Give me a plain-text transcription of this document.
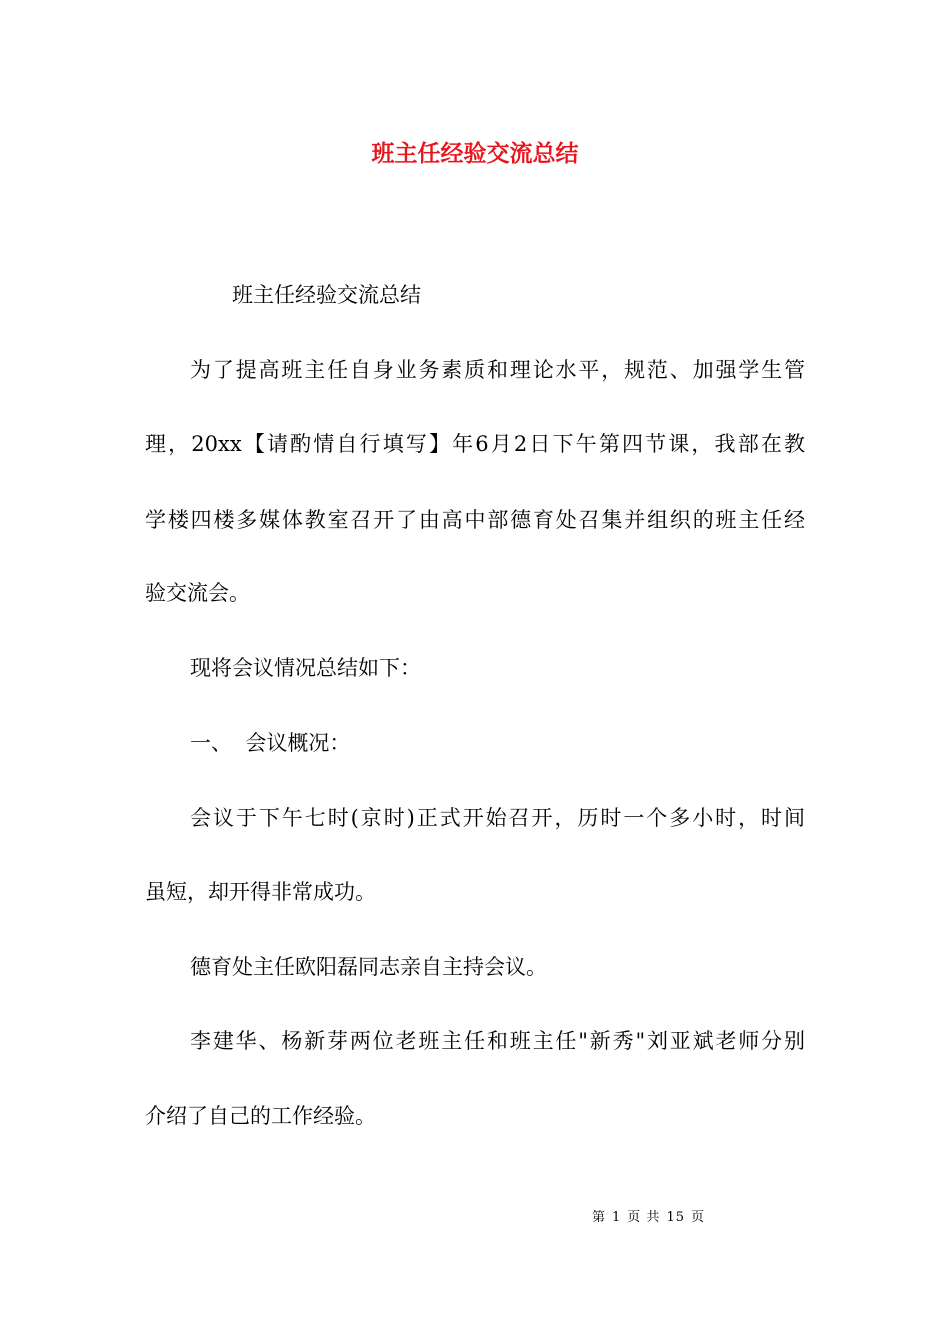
班主任经验交流总结

班主任经验交流总结

为了提高班主任自身业务素质和理论水平，规范、加强学生管

理，20xx【请酌情自行填写】年6月2日下午第四节课，我部在教

学楼四楼多媒体教室召开了由高中部德育处召集并组织的班主任经

验交流会。

现将会议情况总结如下：

一、  会议概况：

会议于下午七时(京时)正式开始召开，历时一个多小时，时间

虽短，却开得非常成功。

德育处主任欧阳磊同志亲自主持会议。

李建华、杨新芽两位老班主任和班主任"新秀"刘亚斌老师分别

介绍了自己的工作经验。

第 1 页 共 15 页
